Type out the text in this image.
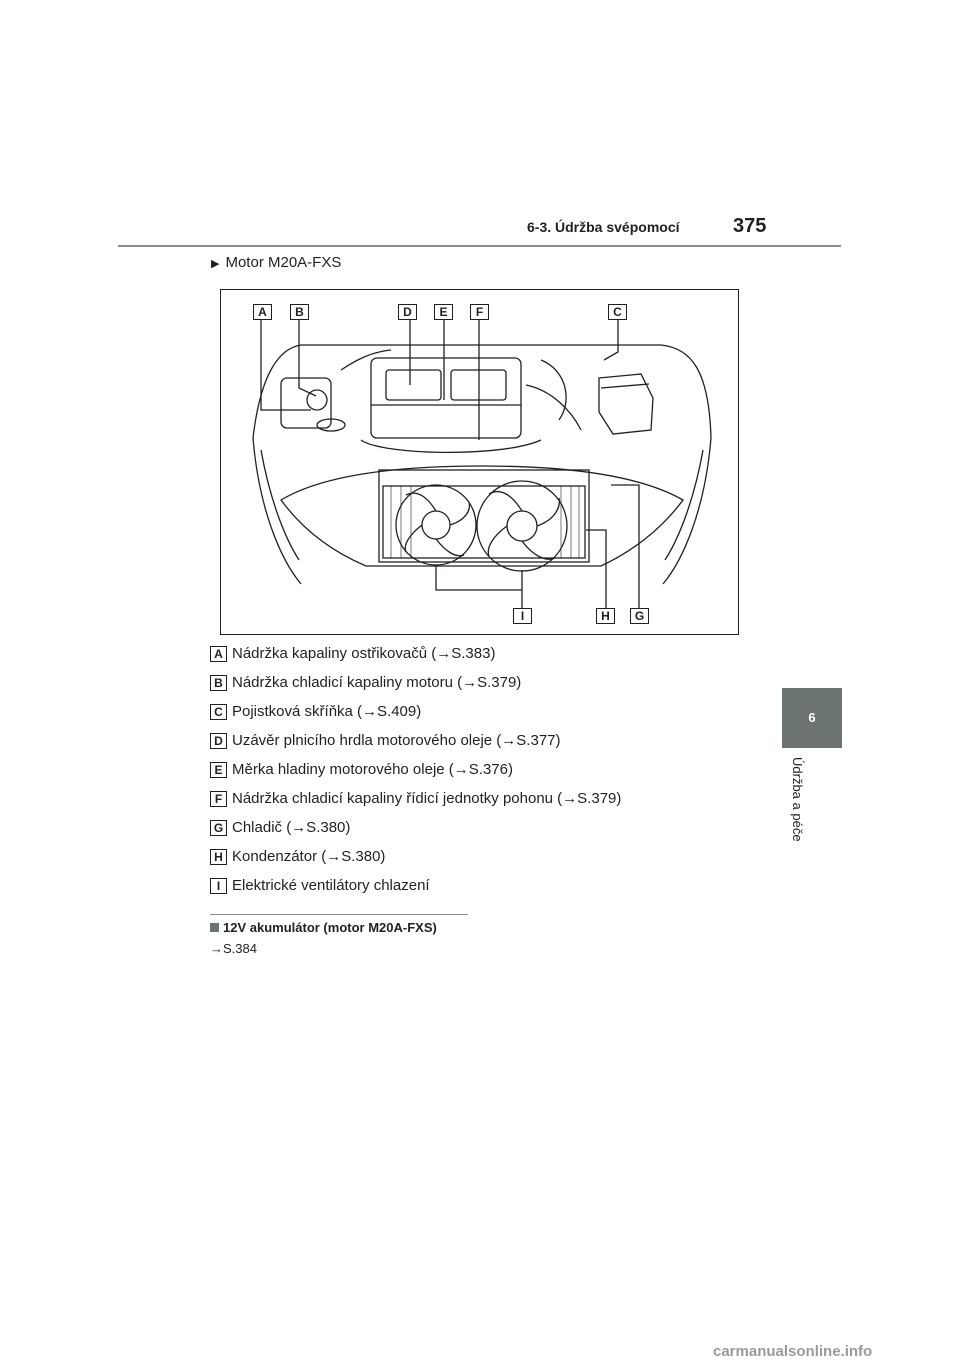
6-3. Údržba svépomocí	375
6
Údržba a péče
▶ Motor M20A-FXS
A	B	D	E	F	C
I	H	G
A Nádržka kapaliny ostřikovačů (→S.383)
B Nádržka chladicí kapaliny motoru (→S.379)
C Pojistková skříňka (→S.409)
D Uzávěr plnicího hrdla motorového oleje (→S.377)
E Měrka hladiny motorového oleje (→S.376)
F Nádržka chladicí kapaliny řídicí jednotky pohonu (→S.379)
G Chladič (→S.380)
H Kondenzátor (→S.380)
I Elektrické ventilátory chlazení
12V akumulátor (motor M20A-FXS)
→S.384
carmanualsonline.info
